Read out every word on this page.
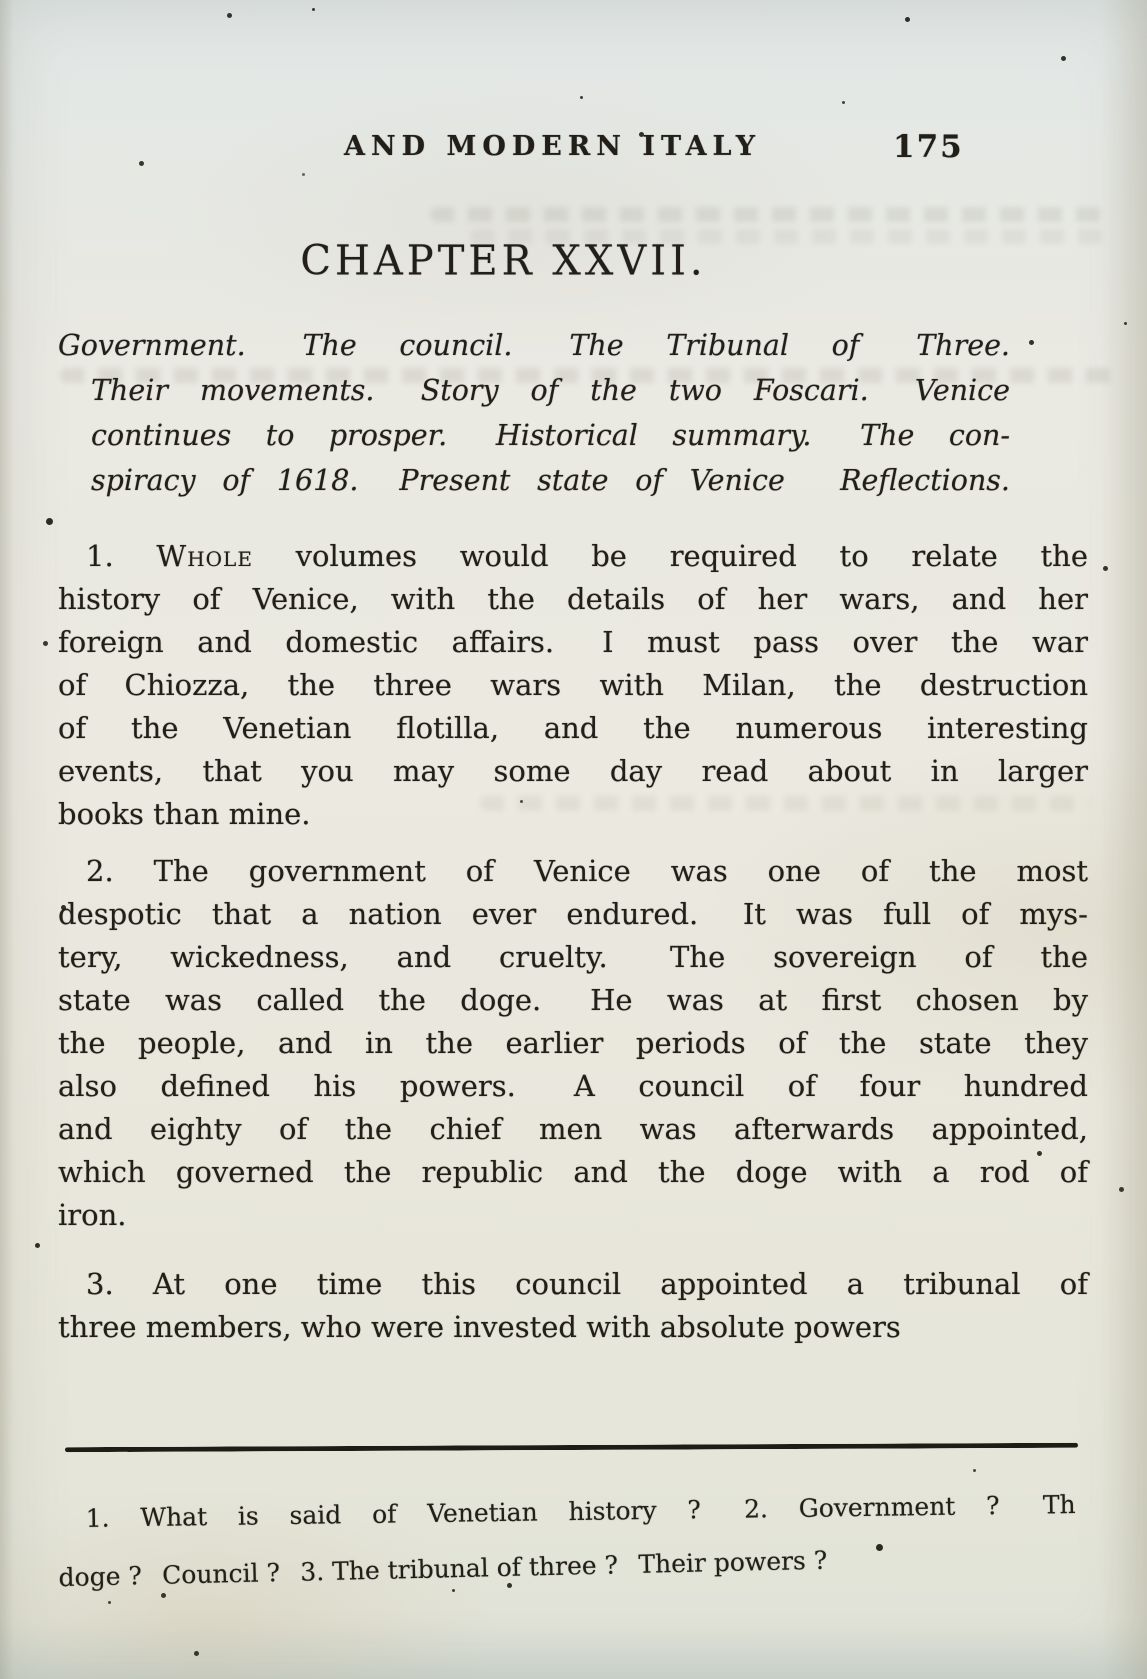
AND MODERN ITALY	175
CHAPTER XXVII.
Government.  The council.  The Tribunal of  Three.
Their movements.  Story of the two Foscari.  Venice
continues to prosper.  Historical summary.  The con-
spiracy of 1618.  Present state of Venice   Reflections.
1. Whole volumes would be required to relate the
history of Venice, with the details of her wars, and her
foreign and domestic affairs.  I must pass over the war
of Chiozza, the three wars with Milan, the destruction
of the Venetian flotilla, and the numerous interesting
events, that you may some day read about in larger
books than mine.
2. The government of Venice was one of the most
despotic that a nation ever endured.  It was full of mys-
tery, wickedness, and cruelty.  The sovereign of the
state was called the doge.  He was at first chosen by
the people, and in the earlier periods of the state they
also defined his powers.  A council of four hundred
and eighty of the chief men was afterwards appointed,
which governed the republic and the doge with a rod of
iron.
3. At one time this council appointed a tribunal of
three members, who were invested with absolute powers
1. What is said of Venetian history ?  2. Government ?  Th
doge ?  Council ?  3. The tribunal of three ?  Their powers ?
